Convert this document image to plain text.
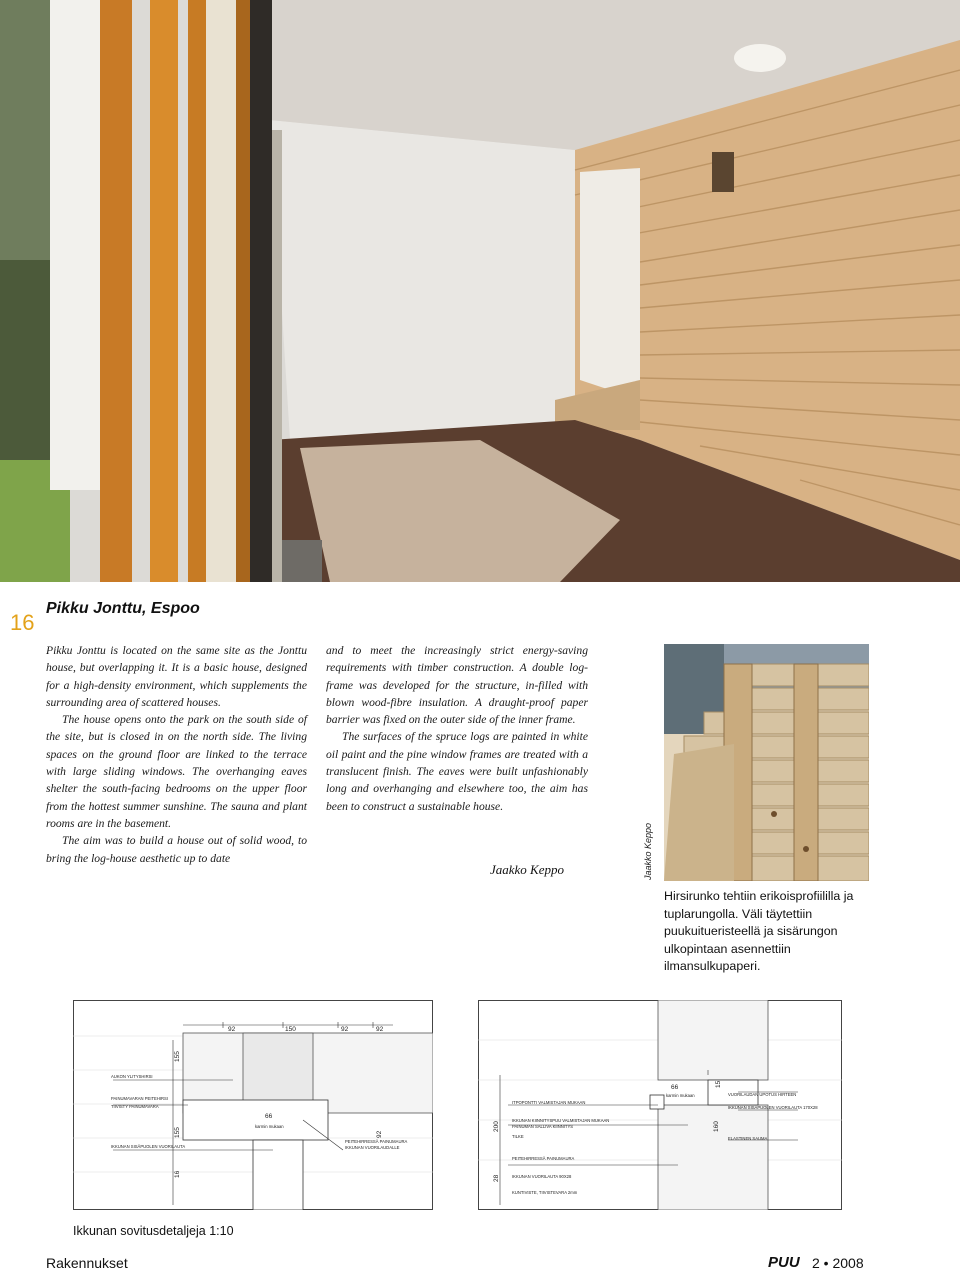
16
Pikku Jonttu, Espoo

Pikku Jonttu is located on the same site as the Jonttu house, but overlapping it. It is a basic house, designed for a high-density environment, which supplements the surrounding area of scattered houses.

The house opens onto the park on the south side of the site, but is closed in on the north side. The living spaces on the ground floor are linked to the terrace with large sliding windows. The overhanging eaves shelter the south-facing bedrooms on the upper floor from the hottest summer sunshine. The sauna and plant rooms are in the basement.

The aim was to build a house out of solid wood, to bring the log-house aesthetic up to date

and to meet the increasingly strict energy-saving requirements with timber construction. A double log-frame was developed for the structure, in-filled with blown wood-fibre insulation. A draught-proof paper barrier was fixed on the outer side of the inner frame.

The surfaces of the spruce logs are painted in white oil paint and the pine window frames are treated with a translucent finish. The eaves were built unfashionably long and overhanging and elsewhere too, the aim has been to construct a sustainable house.

Jaakko Keppo	Jaakko Keppo
Hirsirunko tehtiin erikoisprofiililla ja tuplarungolla. Väli täytettiin puukuitueristeellä ja sisärungon ulkopintaan asennettiin ilmansulkupaperi.
92	150	92	92
155
155
16
66
92
AUKON YLITYSHIRSI
PAINUMAVARAN PEITEHIRSI
TIIVISTY PAINUMAVARA
IKKUNAN SISÄPUOLEN VUORILAUTA
karmin mukaan
PEITEHIRRESSÄ PAINUMAURA
IKKUNAN VUORILAUDALLE
66	15
160
200
28
VUORILAUDAN UPOTUS HIRTEEN
IKKUNAN SISÄPUOLEN VUORILAUTA 170X28
ITPOPONTTI VALMISTAJAN MUKAAN
IKKUNAN KIINNITYSPUU VALMISTAJAN MUKAAN
PAINUMAN SALLIVA KIINNITYS
TILKE	ELASTINEN SAUMA
PEITEHIRRESSÄ PAINUMAURA
IKKUNAN VUORILAUTA 90X28
KUNTIVISTE, TIIVISTEVARA 2mm
karmin mukaan
Ikkunan sovitusdetaljeja 1:10
Rakennukset	PUU 2 • 2008
